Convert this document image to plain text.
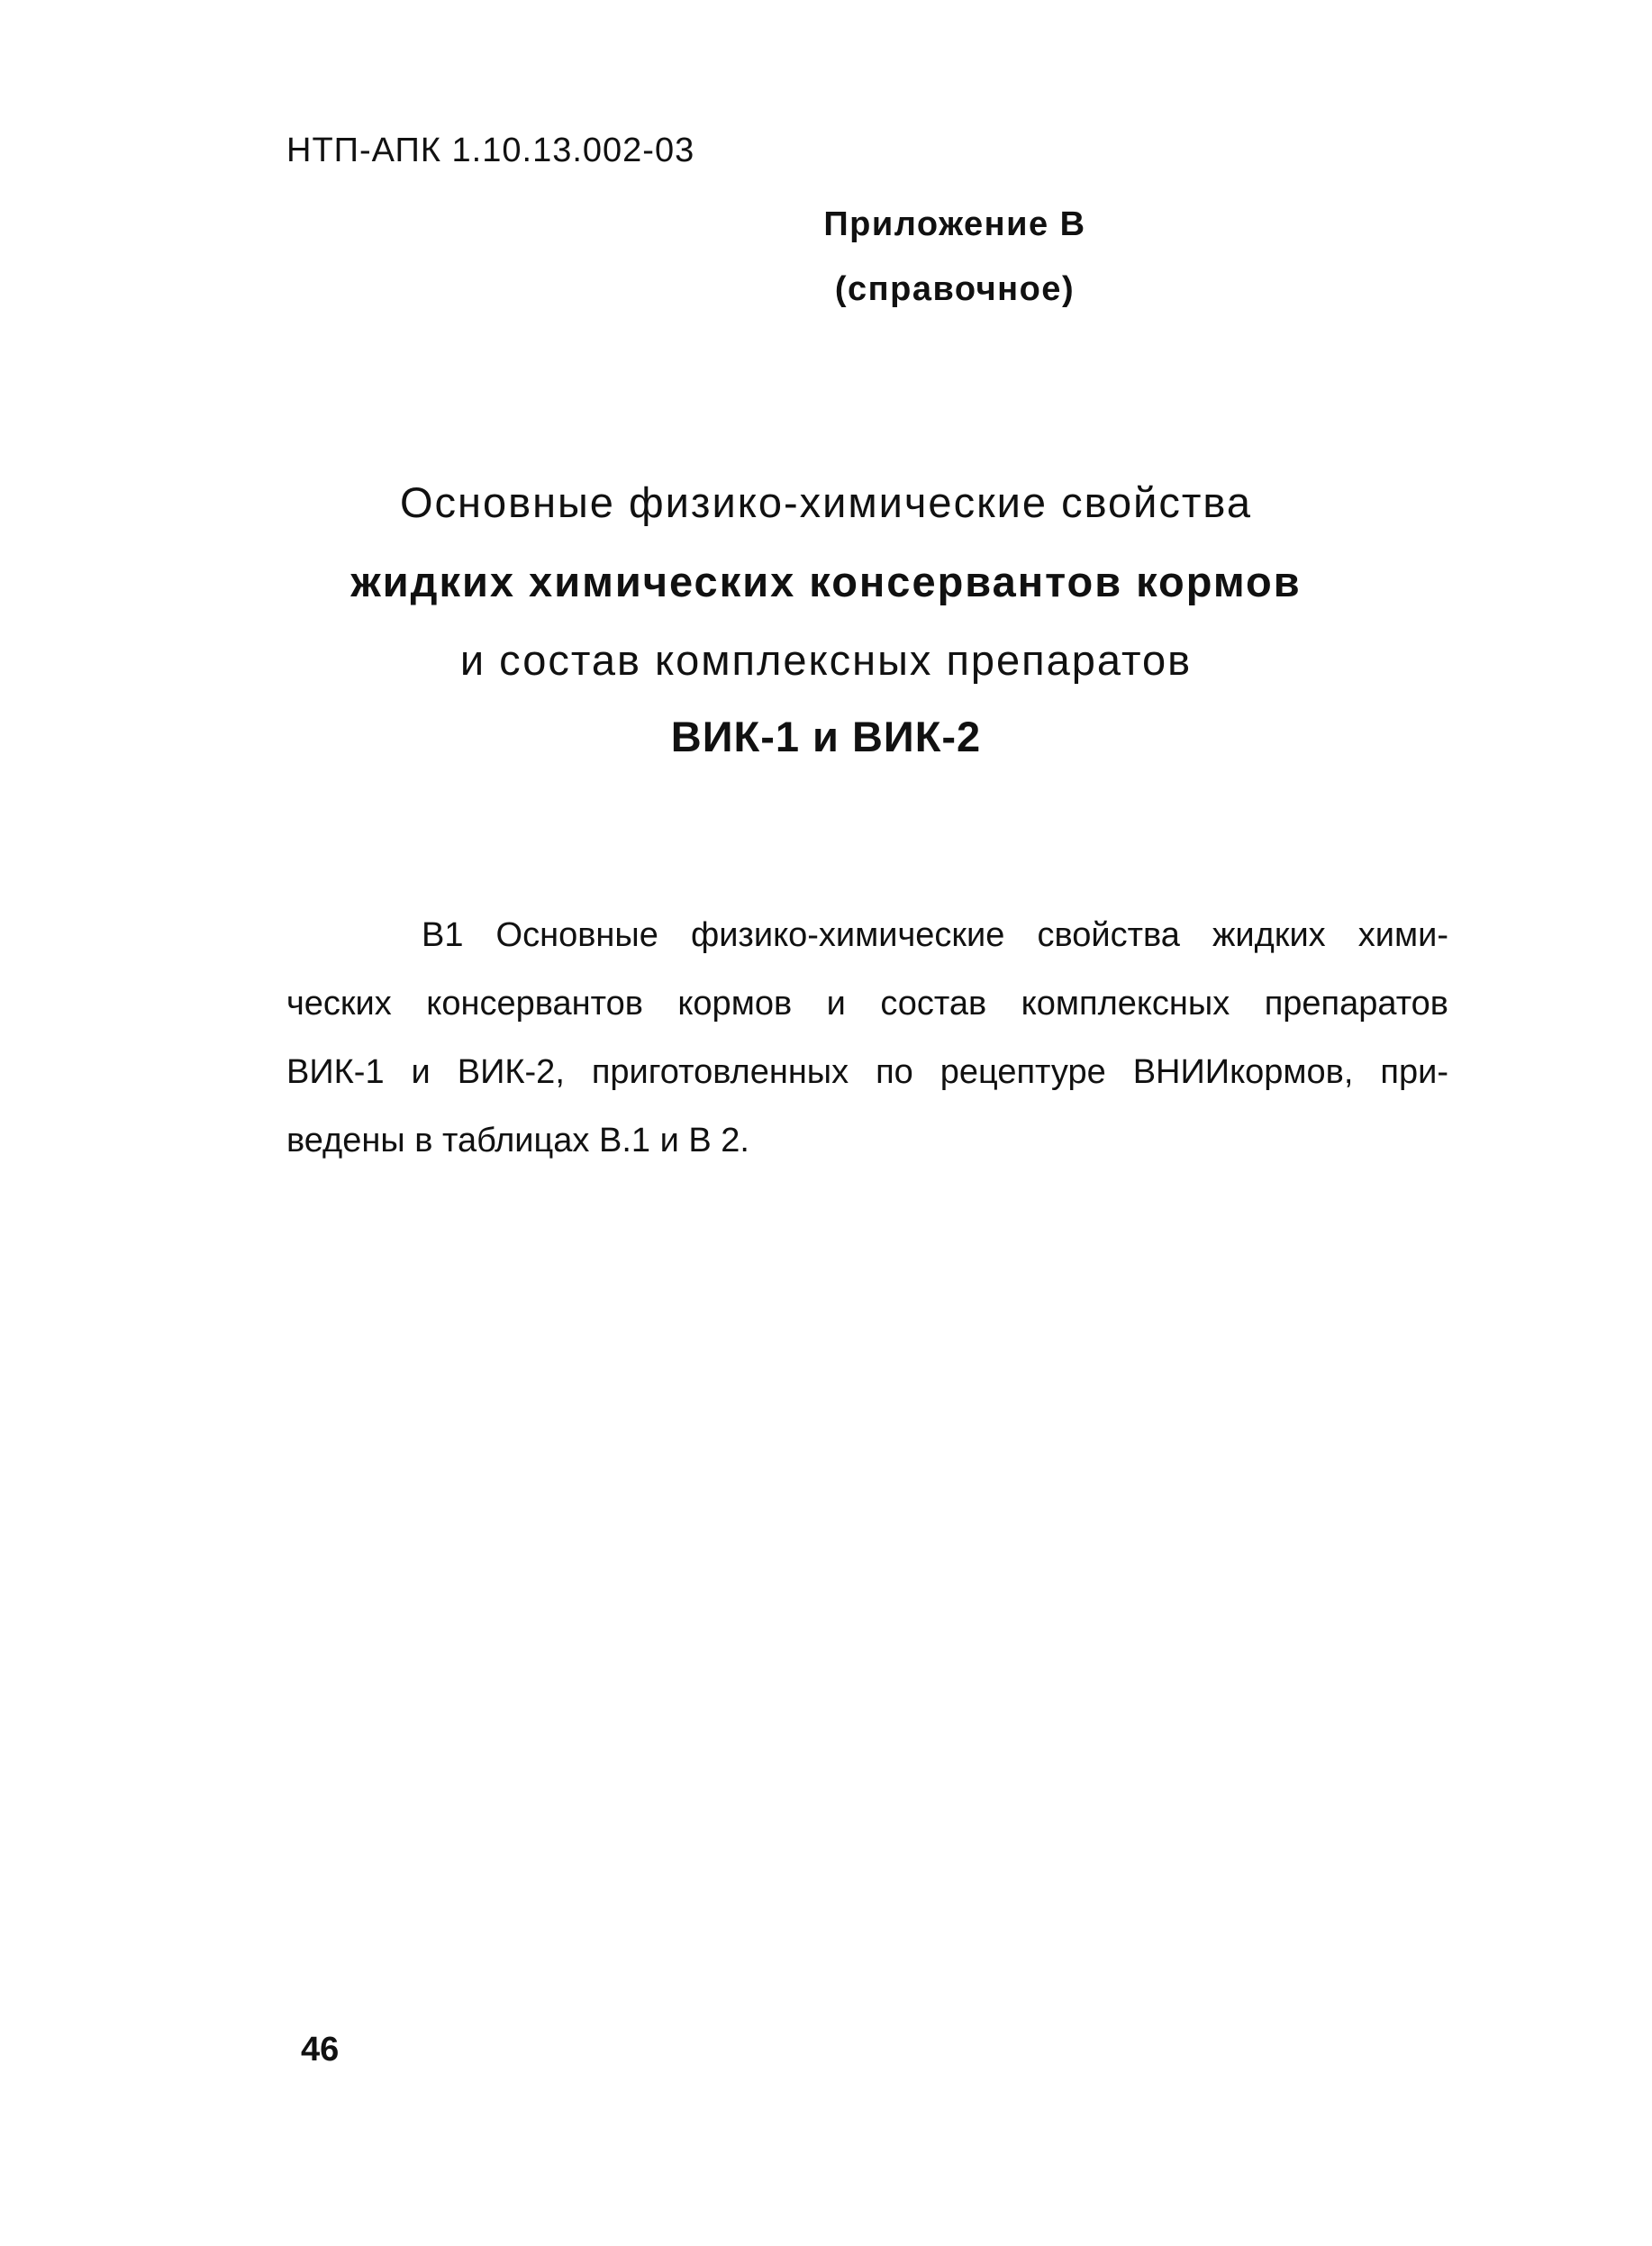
НТП-АПК 1.10.13.002-03
Приложение В
(справочное)
Основные физико-химические свойства
жидких химических консервантов кормов
и состав комплексных препаратов
ВИК-1 и ВИК-2
В1 Основные физико-химические свойства жидких хими-
ческих консервантов кормов и состав комплексных препаратов
ВИК-1 и ВИК-2, приготовленных по рецептуре ВНИИкормов, при-
ведены в таблицах В.1 и В 2.
46
